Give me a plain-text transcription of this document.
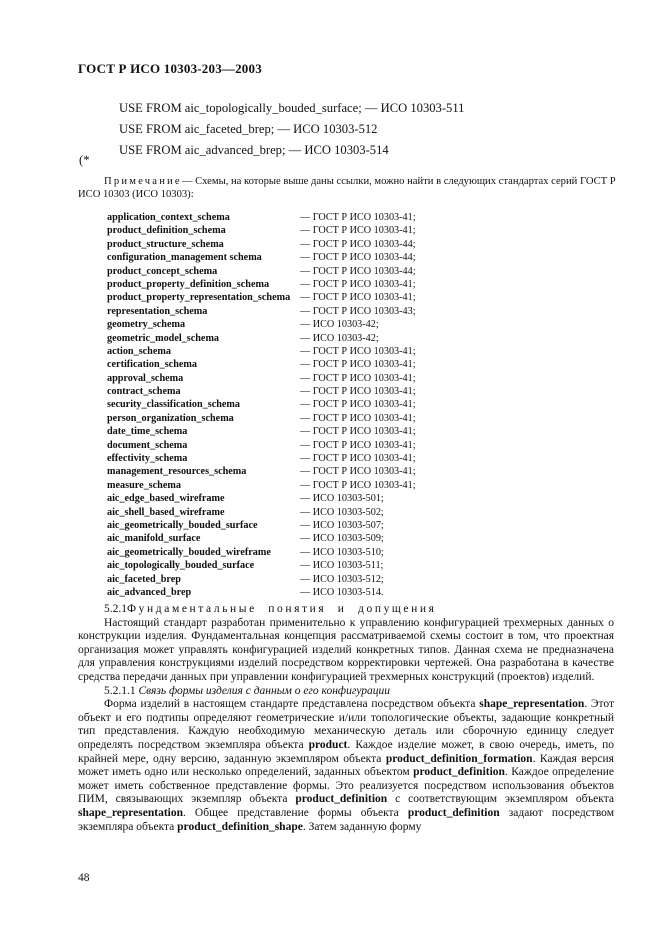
ГОСТ Р ИСО 10303-203—2003
USE FROM aic_topologically_bouded_surface; — ИСО 10303-511
USE FROM aic_faceted_brep; — ИСО 10303-512
USE FROM aic_advanced_brep; — ИСО 10303-514
(*
Примечание— Схемы, на которые выше даны ссылки, можно найти в следующих стандартах серий ГОСТ Р ИСО 10303 (ИСО 10303):
application_context_schema	— ГОСТ Р ИСО 10303-41;
product_definition_schema	— ГОСТ Р ИСО 10303-41;
product_structure_schema	— ГОСТ Р ИСО 10303-44;
configuration_management schema	— ГОСТ Р ИСО 10303-44;
product_concept_schema	— ГОСТ Р ИСО 10303-44;
product_property_definition_schema	— ГОСТ Р ИСО 10303-41;
product_property_representation_schema — ГОСТ Р ИСО 10303-41;
representation_schema	— ГОСТ Р ИСО 10303-43;
geometry_schema	— ИСО 10303-42;
geometric_model_schema	— ИСО 10303-42;
action_schema	— ГОСТ Р ИСО 10303-41;
certification_schema	— ГОСТ Р ИСО 10303-41;
approval_schema	— ГОСТ Р ИСО 10303-41;
contract_schema	— ГОСТ Р ИСО 10303-41;
security_classification_schema	— ГОСТ Р ИСО 10303-41;
person_organization_schema	— ГОСТ Р ИСО 10303-41;
date_time_schema	— ГОСТ Р ИСО 10303-41;
document_schema	— ГОСТ Р ИСО 10303-41;
effectivity_schema	— ГОСТ Р ИСО 10303-41;
management_resources_schema	— ГОСТ Р ИСО 10303-41;
measure_schema	— ГОСТ Р ИСО 10303-41;
aic_edge_based_wireframe	— ИСО 10303-501;
aic_shell_based_wireframe	— ИСО 10303-502;
aic_geometrically_bouded_surface	— ИСО 10303-507;
aic_manifold_surface	— ИСО 10303-509;
aic_geometrically_bouded_wireframe	— ИСО 10303-510;
aic_topologically_bouded_surface	— ИСО 10303-511;
aic_faceted_brep	— ИСО 10303-512;
aic_advanced_brep	— ИСО 10303-514.

5.2.1Фундаментальные понятия и допущения

Настоящий стандарт разработан применительно к управлению конфигурацией трехмерных данных о конструкции изделия. Фундаментальная концепция рассматриваемой схемы состоит в том, что проектная организация может управлять конфигурацией изделий конкретных типов. Данная схема не предназначена для управления конструкциями изделий посредством корректировки чертежей. Она разработана в качестве средства передачи данных при управлении конфигурацией трехмерных конструкций (проектов) изделий.

5.2.1.1 Связь формы изделия с данным о его конфигурации

Форма изделий в настоящем стандарте представлена посредством объекта shape_representation. Этот объект и его подтипы определяют геометрические и/или топологические объекты, задающие конкретный тип представления. Каждую необходимую механическую деталь или сборочную единицу следует определять посредством экземпляра объекта product. Каждое изделие может, в свою очередь, иметь, по крайней мере, одну версию, заданную экземпляром объекта product_definition_formation. Каждая версия может иметь одно или несколько определений, заданных объектом product_definition. Каждое определение может иметь собственное представление формы. Это реализуется посредством использования объектов ПИМ, связывающих экземпляр объекта product_definition с соответствующим экземпляром объекта shape_representation. Общее представление формы объекта product_definition задают посредством экземпляра объекта product_definition_shape. Затем заданную форму

48
